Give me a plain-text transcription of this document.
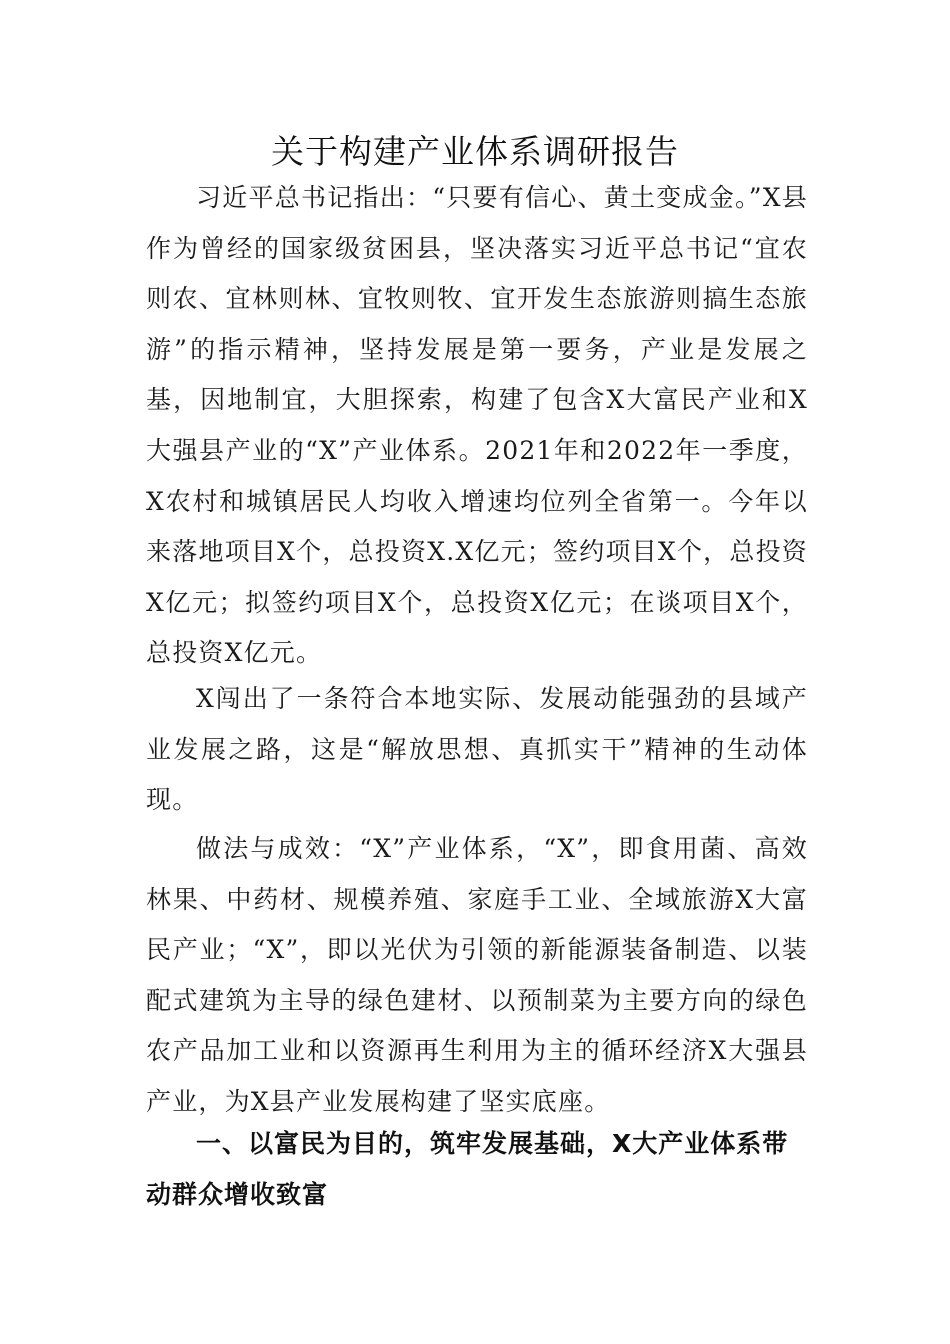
关于构建产业体系调研报告

习近平总书记指出：“只要有信心、黄土变成金。”X县作为曾经的国家级贫困县，坚决落实习近平总书记“宜农则农、宜林则林、宜牧则牧、宜开发生态旅游则搞生态旅游”的指示精神，坚持发展是第一要务，产业是发展之基，因地制宜，大胆探索，构建了包含X大富民产业和X大强县产业的“X”产业体系。2021年和2022年一季度，X农村和城镇居民人均收入增速均位列全省第一。今年以来落地项目X个，总投资X.X亿元；签约项目X个，总投资X亿元；拟签约项目X个，总投资X亿元；在谈项目X个，总投资X亿元。

X闯出了一条符合本地实际、发展动能强劲的县域产业发展之路，这是“解放思想、真抓实干”精神的生动体现。

做法与成效：“X”产业体系，“X”，即食用菌、高效林果、中药材、规模养殖、家庭手工业、全域旅游X大富民产业；“X”，即以光伏为引领的新能源装备制造、以装配式建筑为主导的绿色建材、以预制菜为主要方向的绿色农产品加工业和以资源再生利用为主的循环经济X大强县产业，为X县产业发展构建了坚实底座。

一、以富民为目的，筑牢发展基础，X大产业体系带动群众增收致富
